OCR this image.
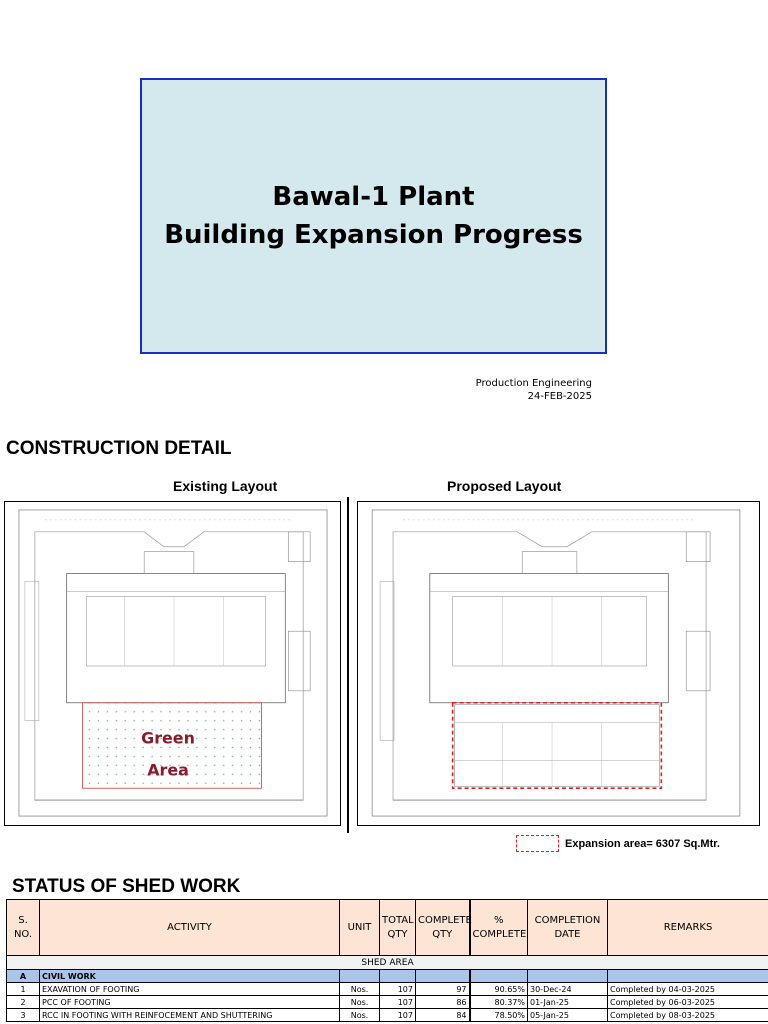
Bawal-1 Plant
Building Expansion Progress
Production Engineering
24-FEB-2025
CONSTRUCTION DETAIL
Existing Layout	Proposed Layout
Green
Area
Expansion area= 6307 Sq.Mtr.
STATUS OF SHED WORK
S. NO.	ACTIVITY	UNIT	TOTAL QTY	COMPLETE QTY	% COMPLETE	COMPLETION DATE	REMARKS
SHED AREA							
A	CIVIL WORK						
1	EXAVATION OF FOOTING	Nos.	107	97	90.65%	30-Dec-24	Completed by 04-03-2025
2	PCC OF FOOTING	Nos.	107	86	80.37%	01-Jan-25	Completed by 06-03-2025
3	RCC IN FOOTING WITH REINFOCEMENT AND SHUTTERING	Nos.	107	84	78.50%	05-Jan-25	Completed by 08-03-2025
